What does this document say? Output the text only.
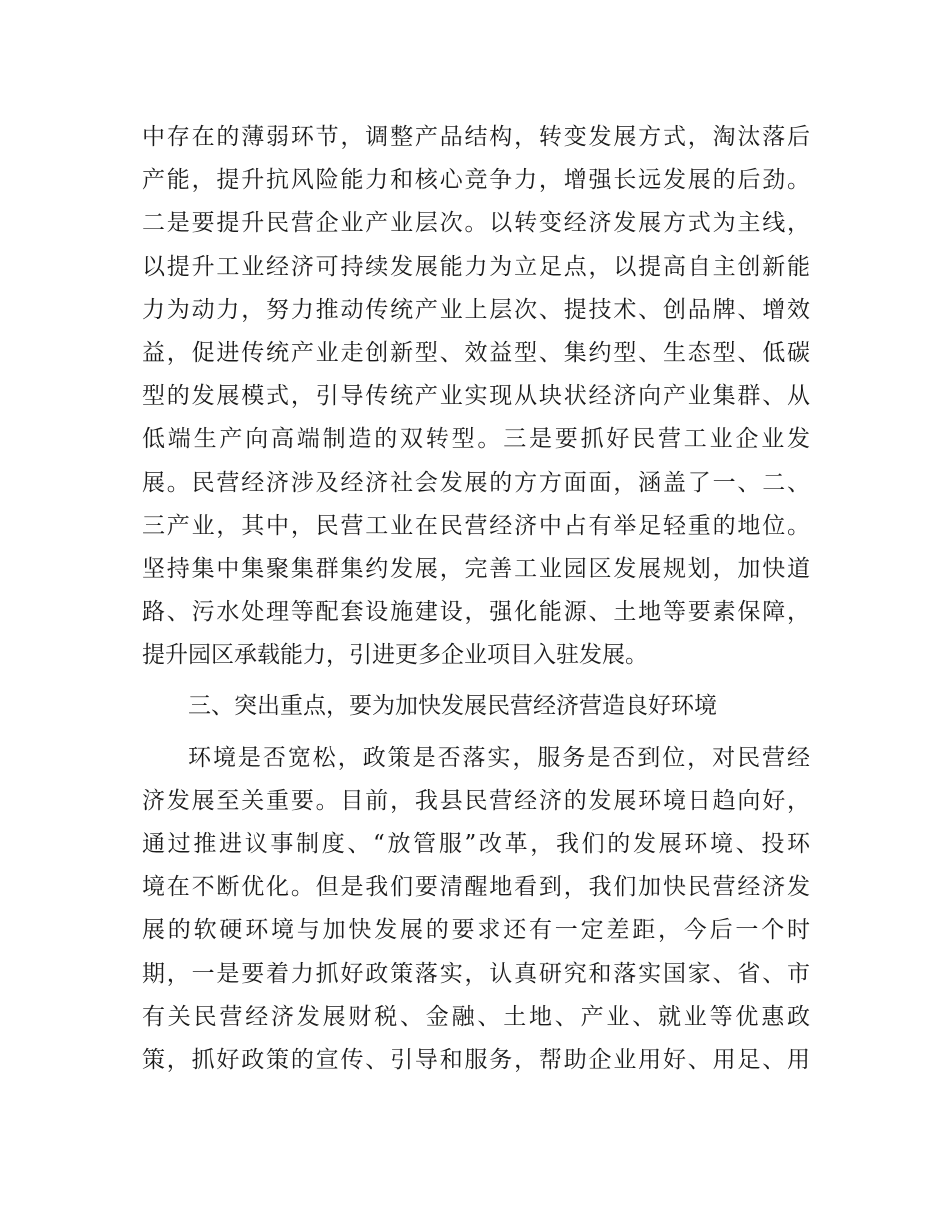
中存在的薄弱环节，调整产品结构，转变发展方式，淘汰落后
产能，提升抗风险能力和核心竞争力，增强长远发展的后劲。
二是要提升民营企业产业层次。以转变经济发展方式为主线，
以提升工业经济可持续发展能力为立足点，以提高自主创新能
力为动力，努力推动传统产业上层次、提技术、创品牌、增效
益，促进传统产业走创新型、效益型、集约型、生态型、低碳
型的发展模式，引导传统产业实现从块状经济向产业集群、从
低端生产向高端制造的双转型。三是要抓好民营工业企业发
展。民营经济涉及经济社会发展的方方面面，涵盖了一、二、
三产业，其中，民营工业在民营经济中占有举足轻重的地位。
坚持集中集聚集群集约发展，完善工业园区发展规划，加快道
路、污水处理等配套设施建设，强化能源、土地等要素保障，
提升园区承载能力，引进更多企业项目入驻发展。
三、突出重点，要为加快发展民营经济营造良好环境
环境是否宽松，政策是否落实，服务是否到位，对民营经
济发展至关重要。目前，我县民营经济的发展环境日趋向好，
通过推进议事制度、“放管服”改革，我们的发展环境、投环
境在不断优化。但是我们要清醒地看到，我们加快民营经济发
展的软硬环境与加快发展的要求还有一定差距，今后一个时
期，一是要着力抓好政策落实，认真研究和落实国家、省、市
有关民营经济发展财税、金融、土地、产业、就业等优惠政
策，抓好政策的宣传、引导和服务，帮助企业用好、用足、用
